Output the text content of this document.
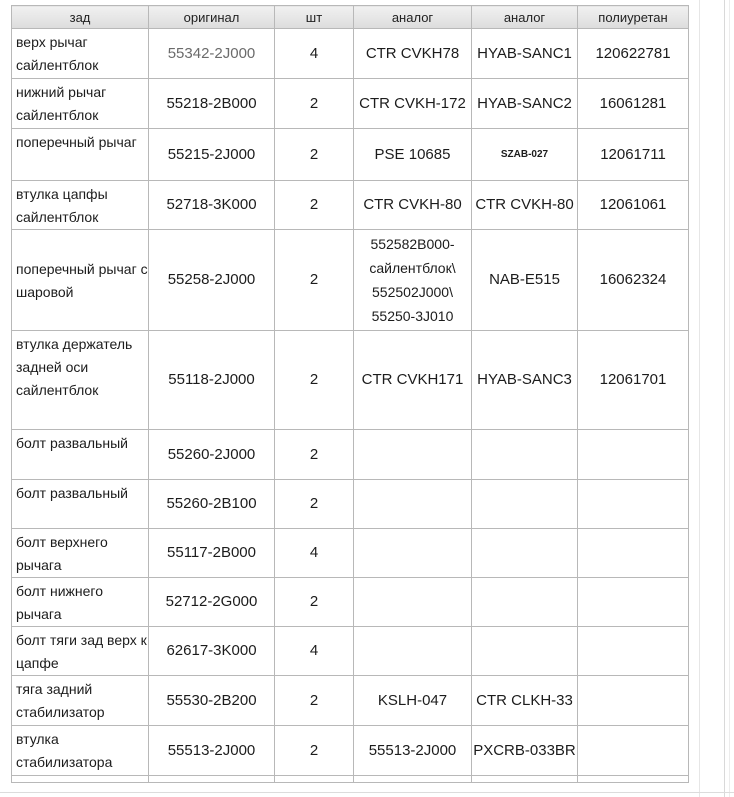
зад	оригинал	шт	аналог	аналог	полиуретан
верх рычаг сайлентблок	55342-2J000	4	CTR CVKH78	HYAB-SANC1	120622781
нижний рычаг сайлентблок	55218-2B000	2	CTR CVKH-172	HYAB-SANC2	16061281
поперечный рычаг	55215-2J000	2	PSE 10685	SZAB-027	12061711
втулка цапфы сайлентблок	52718-3K000	2	CTR CVKH-80	CTR CVKH-80	12061061
поперечный рычаг с шаровой	55258-2J000	2	552582B000-сайлентблок\ 552502J000\ 55250-3J010	NAB-E515	16062324
втулка держатель задней оси сайлентблок	55118-2J000	2	CTR CVKH171	HYAB-SANC3	12061701
болт развальный	55260-2J000	2			
болт развальный	55260-2B100	2			
болт верхнего рычага	55117-2B000	4			
болт нижнего рычага	52712-2G000	2			
болт тяги зад верх к цапфе	62617-3K000	4			
тяга задний стабилизатор	55530-2B200	2	KSLH-047	CTR CLKH-33	
втулка стабилизатора	55513-2J000	2	55513-2J000	PXCRB-033BR	
